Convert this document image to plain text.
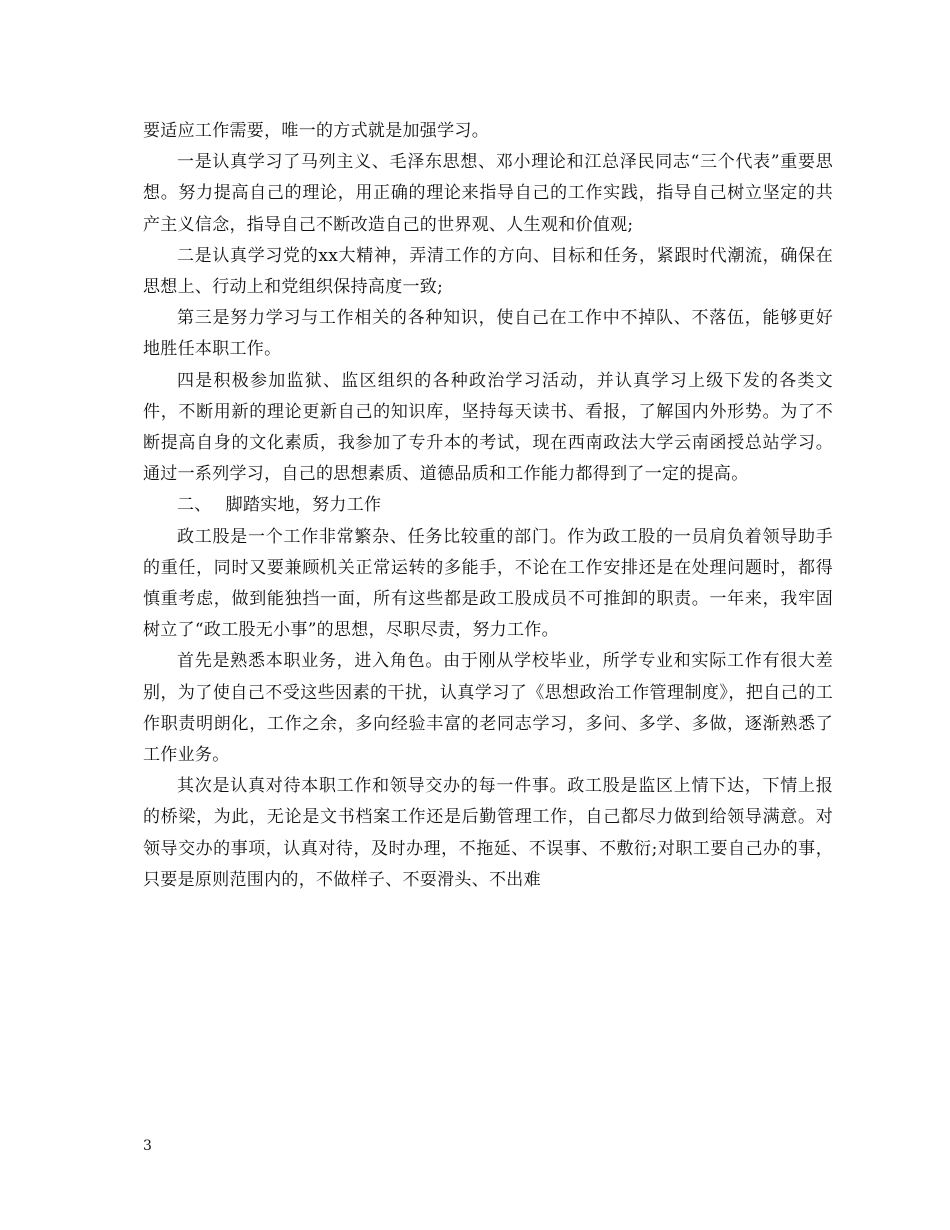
要适应工作需要，唯一的方式就是加强学习。

一是认真学习了马列主义、毛泽东思想、邓小理论和江总泽民同志“三个代表”重要思想。努力提高自己的理论，用正确的理论来指导自己的工作实践，指导自己树立坚定的共产主义信念，指导自己不断改造自己的世界观、人生观和价值观;

二是认真学习党的xx大精神，弄清工作的方向、目标和任务，紧跟时代潮流，确保在思想上、行动上和党组织保持高度一致;

第三是努力学习与工作相关的各种知识，使自己在工作中不掉队、不落伍，能够更好地胜任本职工作。

四是积极参加监狱、监区组织的各种政治学习活动，并认真学习上级下发的各类文件，不断用新的理论更新自己的知识库，坚持每天读书、看报，了解国内外形势。为了不断提高自身的文化素质，我参加了专升本的考试，现在西南政法大学云南函授总站学习。 通过一系列学习，自己的思想素质、道德品质和工作能力都得到了一定的提高。

二、 脚踏实地，努力工作

政工股是一个工作非常繁杂、任务比较重的部门。作为政工股的一员肩负着领导助手的重任，同时又要兼顾机关正常运转的多能手，不论在工作安排还是在处理问题时，都得慎重考虑，做到能独挡一面，所有这些都是政工股成员不可推卸的职责。一年来，我牢固树立了“政工股无小事”的思想，尽职尽责，努力工作。

首先是熟悉本职业务，进入角色。由于刚从学校毕业，所学专业和实际工作有很大差别，为了使自己不受这些因素的干扰，认真学习了《思想政治工作管理制度》，把自己的工作职责明朗化，工作之余，多向经验丰富的老同志学习，多问、多学、多做，逐渐熟悉了工作业务。

其次是认真对待本职工作和领导交办的每一件事。政工股是监区上情下达，下情上报的桥梁，为此，无论是文书档案工作还是后勤管理工作，自己都尽力做到给领导满意。对领导交办的事项，认真对待，及时办理，不拖延、不误事、不敷衍;对职工要自己办的事，只要是原则范围内的，不做样子、不耍滑头、不出难

3
